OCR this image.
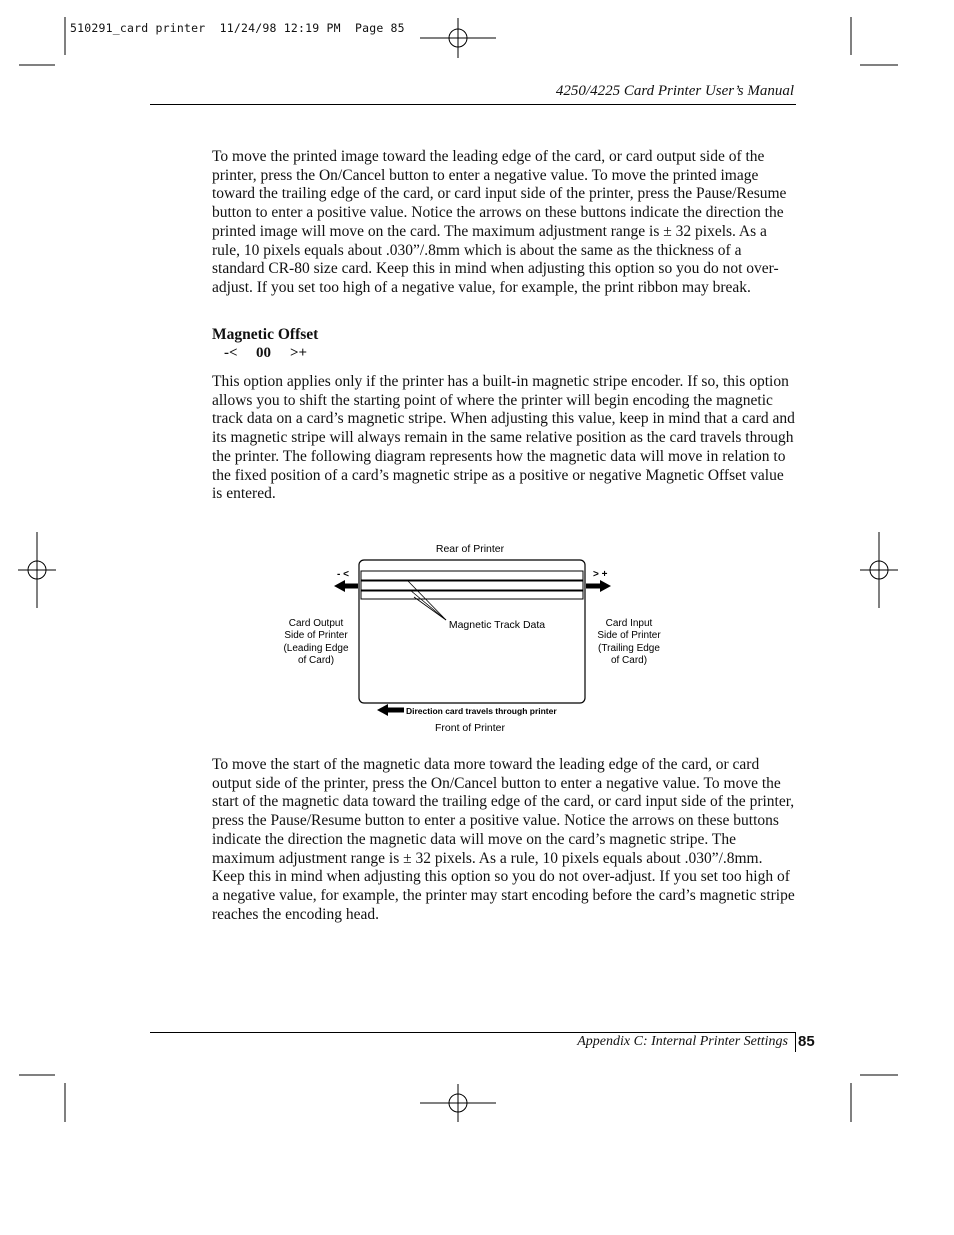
510291_card printer  11/24/98 12:19 PM  Page 85
4250/4225 Card Printer User’s Manual

To move the printed image toward the leading edge of the card, or card output side of the printer, press the On/Cancel button to enter a negative value. To move the printed image toward the trailing edge of the card, or card input side of the printer, press the Pause/Resume button to enter a positive value. Notice the arrows on these buttons indicate the direction the printed image will move on the card. The maximum adjustment range is ± 32 pixels. As a rule, 10 pixels equals about .030”/.8mm which is about the same as the thickness of a standard CR-80 size card. Keep this in mind when adjusting this option so you do not over-adjust. If you set too high of a negative value, for example, the print ribbon may break.

Magnetic Offset
-< 00 >+

This option applies only if the printer has a built-in magnetic stripe encoder. If so, this option allows you to shift the starting point of where the printer will begin encoding the magnetic track data on a card’s magnetic stripe. When adjusting this value, keep in mind that a card and its magnetic stripe will always remain in the same relative position as the card travels through the printer. The following diagram represents how the magnetic data will move in relation to the fixed position of a card’s magnetic stripe as a positive or negative Magnetic Offset value is entered.

Rear of Printer
Magnetic Track Data
- <	> +
Card Output
Side of Printer
(Leading Edge
of Card)
Card Input
Side of Printer
(Trailing Edge
of Card)
Direction card travels through printer
Front of Printer

To move the start of the magnetic data more toward the leading edge of the card, or card output side of the printer, press the On/Cancel button to enter a negative value. To move the start of the magnetic data toward the trailing edge of the card, or card input side of the printer, press the Pause/Resume button to enter a positive value. Notice the arrows on these buttons indicate the direction the magnetic data will move on the card’s magnetic stripe. The maximum adjustment range is ± 32 pixels. As a rule, 10 pixels equals about .030”/.8mm. Keep this in mind when adjusting this option so you do not over-adjust. If you set too high of a negative value, for example, the printer may start encoding before the card’s magnetic stripe reaches the encoding head.

Appendix C: Internal Printer Settings 85
